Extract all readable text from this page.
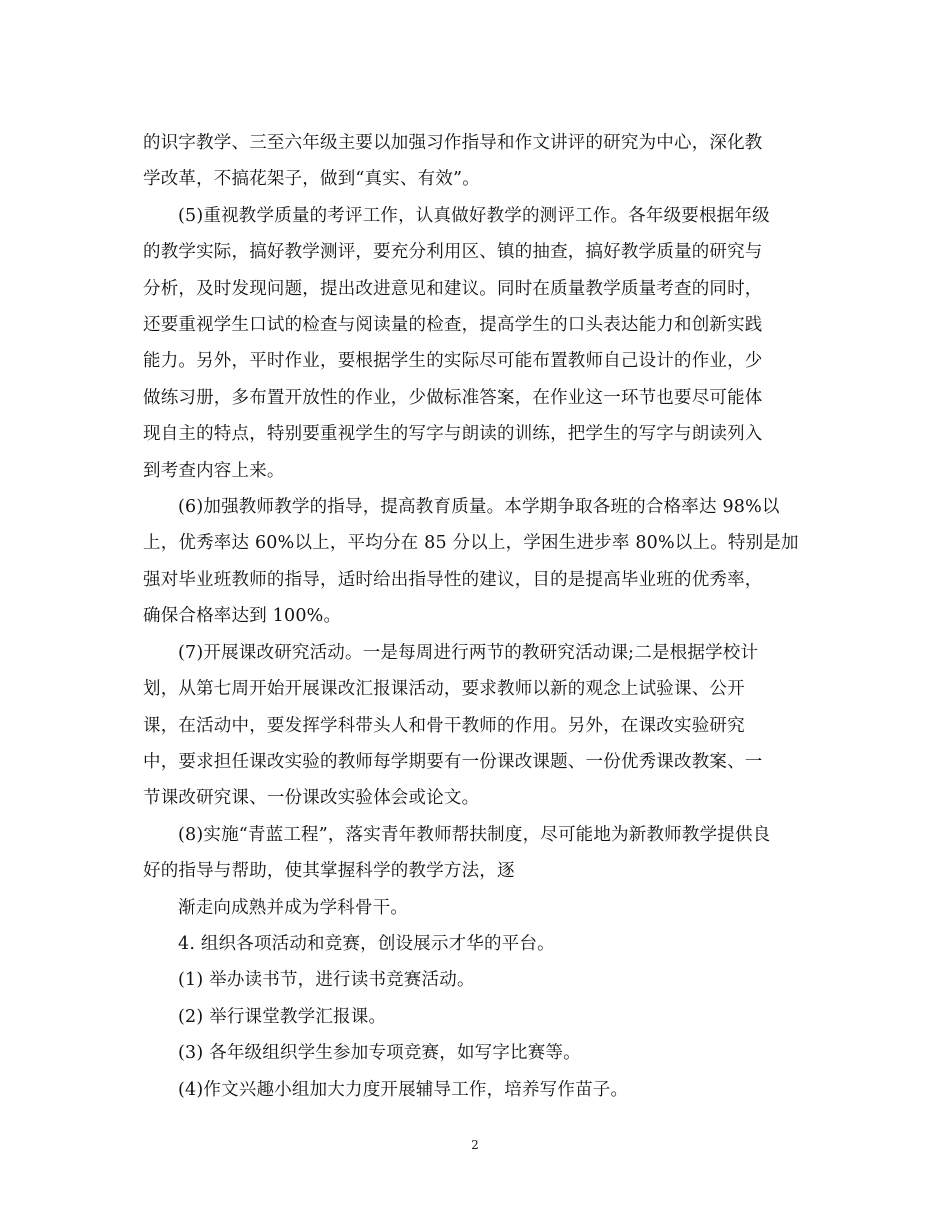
的识字教学、三至六年级主要以加强习作指导和作文讲评的研究为中心，深化教
学改革，不搞花架子，做到“真实、有效”。

(5)重视教学质量的考评工作，认真做好教学的测评工作。各年级要根据年级
的教学实际，搞好教学测评，要充分利用区、镇的抽查，搞好教学质量的研究与
分析，及时发现问题，提出改进意见和建议。同时在质量教学质量考查的同时，
还要重视学生口试的检查与阅读量的检查，提高学生的口头表达能力和创新实践
能力。另外，平时作业，要根据学生的实际尽可能布置教师自己设计的作业，少
做练习册，多布置开放性的作业，少做标准答案，在作业这一环节也要尽可能体
现自主的特点，特别要重视学生的写字与朗读的训练，把学生的写字与朗读列入
到考查内容上来。

(6)加强教师教学的指导，提高教育质量。本学期争取各班的合格率达 98%以
上，优秀率达 60%以上，平均分在 85 分以上，学困生进步率 80%以上。特别是加
强对毕业班教师的指导，适时给出指导性的建议，目的是提高毕业班的优秀率，
确保合格率达到 100%。

(7)开展课改研究活动。一是每周进行两节的教研究活动课;二是根据学校计
划，从第七周开始开展课改汇报课活动，要求教师以新的观念上试验课、公开
课，在活动中，要发挥学科带头人和骨干教师的作用。另外，在课改实验研究
中，要求担任课改实验的教师每学期要有一份课改课题、一份优秀课改教案、一
节课改研究课、一份课改实验体会或论文。

(8)实施“青蓝工程”，落实青年教师帮扶制度，尽可能地为新教师教学提供良
好的指导与帮助，使其掌握科学的教学方法，逐

渐走向成熟并成为学科骨干。

4. 组织各项活动和竞赛，创设展示才华的平台。

(1) 举办读书节，进行读书竞赛活动。

(2) 举行课堂教学汇报课。

(3) 各年级组织学生参加专项竞赛，如写字比赛等。

(4)作文兴趣小组加大力度开展辅导工作，培养写作苗子。

2
